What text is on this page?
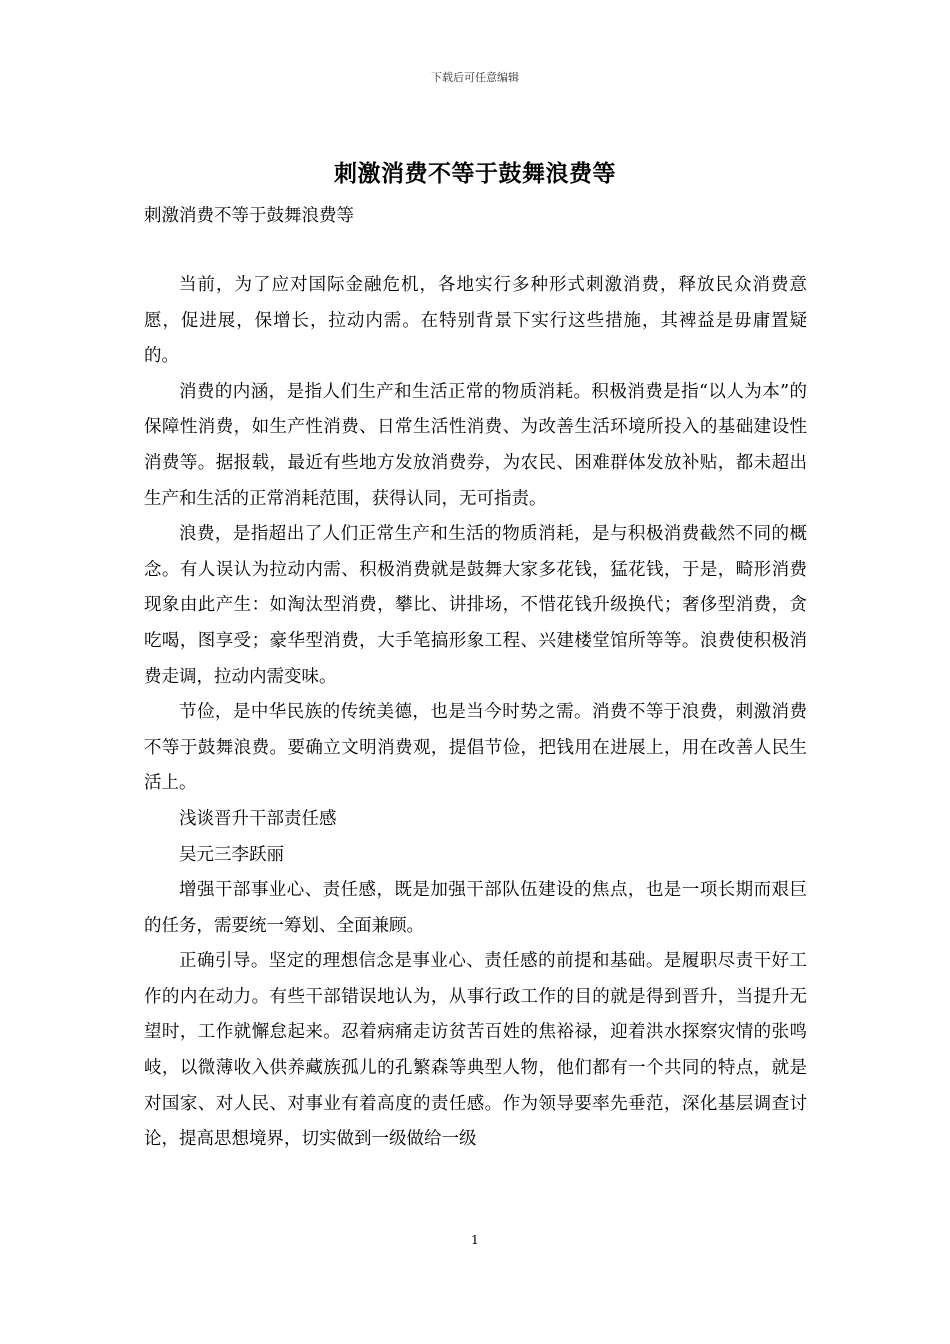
下载后可任意编辑
刺激消费不等于鼓舞浪费等
刺激消费不等于鼓舞浪费等

当前，为了应对国际金融危机，各地实行多种形式刺激消费，释放民众消费意愿，促进展，保增长，拉动内需。在特别背景下实行这些措施，其裨益是毋庸置疑的。

消费的内涵，是指人们生产和生活正常的物质消耗。积极消费是指“以人为本”的保障性消费，如生产性消费、日常生活性消费、为改善生活环境所投入的基础建设性消费等。据报载，最近有些地方发放消费券，为农民、困难群体发放补贴，都未超出生产和生活的正常消耗范围，获得认同，无可指责。

浪费，是指超出了人们正常生产和生活的物质消耗，是与积极消费截然不同的概念。有人误认为拉动内需、积极消费就是鼓舞大家多花钱，猛花钱，于是，畸形消费现象由此产生：如淘汰型消费，攀比、讲排场，不惜花钱升级换代；奢侈型消费，贪吃喝，图享受；豪华型消费，大手笔搞形象工程、兴建楼堂馆所等等。浪费使积极消费走调，拉动内需变味。

节俭，是中华民族的传统美德，也是当今时势之需。消费不等于浪费，刺激消费不等于鼓舞浪费。要确立文明消费观，提倡节俭，把钱用在进展上，用在改善人民生活上。

浅谈晋升干部责任感

吴元三李跃丽

增强干部事业心、责任感，既是加强干部队伍建设的焦点，也是一项长期而艰巨的任务，需要统一筹划、全面兼顾。

正确引导。坚定的理想信念是事业心、责任感的前提和基础。是履职尽责干好工作的内在动力。有些干部错误地认为，从事行政工作的目的就是得到晋升，当提升无望时，工作就懈怠起来。忍着病痛走访贫苦百姓的焦裕禄，迎着洪水探察灾情的张鸣岐，以微薄收入供养藏族孤儿的孔繁森等典型人物，他们都有一个共同的特点，就是对国家、对人民、对事业有着高度的责任感。作为领导要率先垂范，深化基层调查讨论，提高思想境界，切实做到一级做给一级

1
